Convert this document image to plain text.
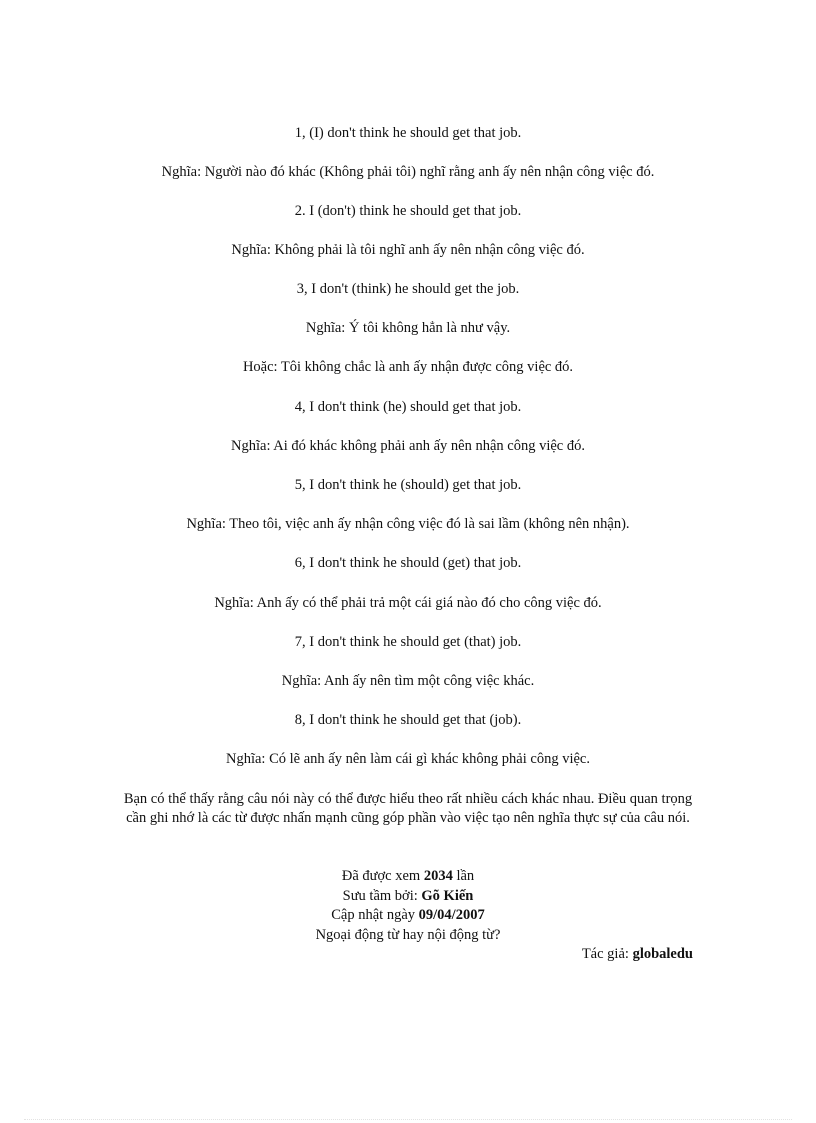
1, (I) don't think he should get that job.
Nghĩa: Người nào đó khác (Không phải tôi) nghĩ rằng anh ấy nên nhận công việc đó.
2. I (don't) think he should get that job.
Nghĩa: Không phải là tôi nghĩ anh ấy nên nhận công việc đó.
3, I don't (think) he should get the job.
Nghĩa: Ý tôi không hẳn là như vậy.
Hoặc: Tôi không chắc là anh ấy nhận được công việc đó.
4, I don't think (he) should get that job.
Nghĩa: Ai đó khác không phải anh ấy nên nhận công việc đó.
5, I don't think he (should) get that job.
Nghĩa: Theo tôi, việc anh ấy nhận công việc đó là sai lầm (không nên nhận).
6, I don't think he should (get) that job.
Nghĩa: Anh ấy có thể phải trả một cái giá nào đó cho công việc đó.
7, I don't think he should get (that) job.
Nghĩa: Anh ấy nên tìm một công việc khác.
8, I don't think he should get that (job).
Nghĩa: Có lẽ anh ấy nên làm cái gì khác không phải công việc.
Bạn có thể thấy rằng câu nói này có thể được hiểu theo rất nhiều cách khác nhau. Điều quan trọng cần ghi nhớ là các từ được nhấn mạnh cũng góp phần vào việc tạo nên nghĩa thực sự của câu nói.
Đã được xem 2034 lần
Sưu tầm bởi: Gõ Kiến
Cập nhật ngày 09/04/2007
Ngoại động từ hay nội động từ?
Tác giả: globaledu
